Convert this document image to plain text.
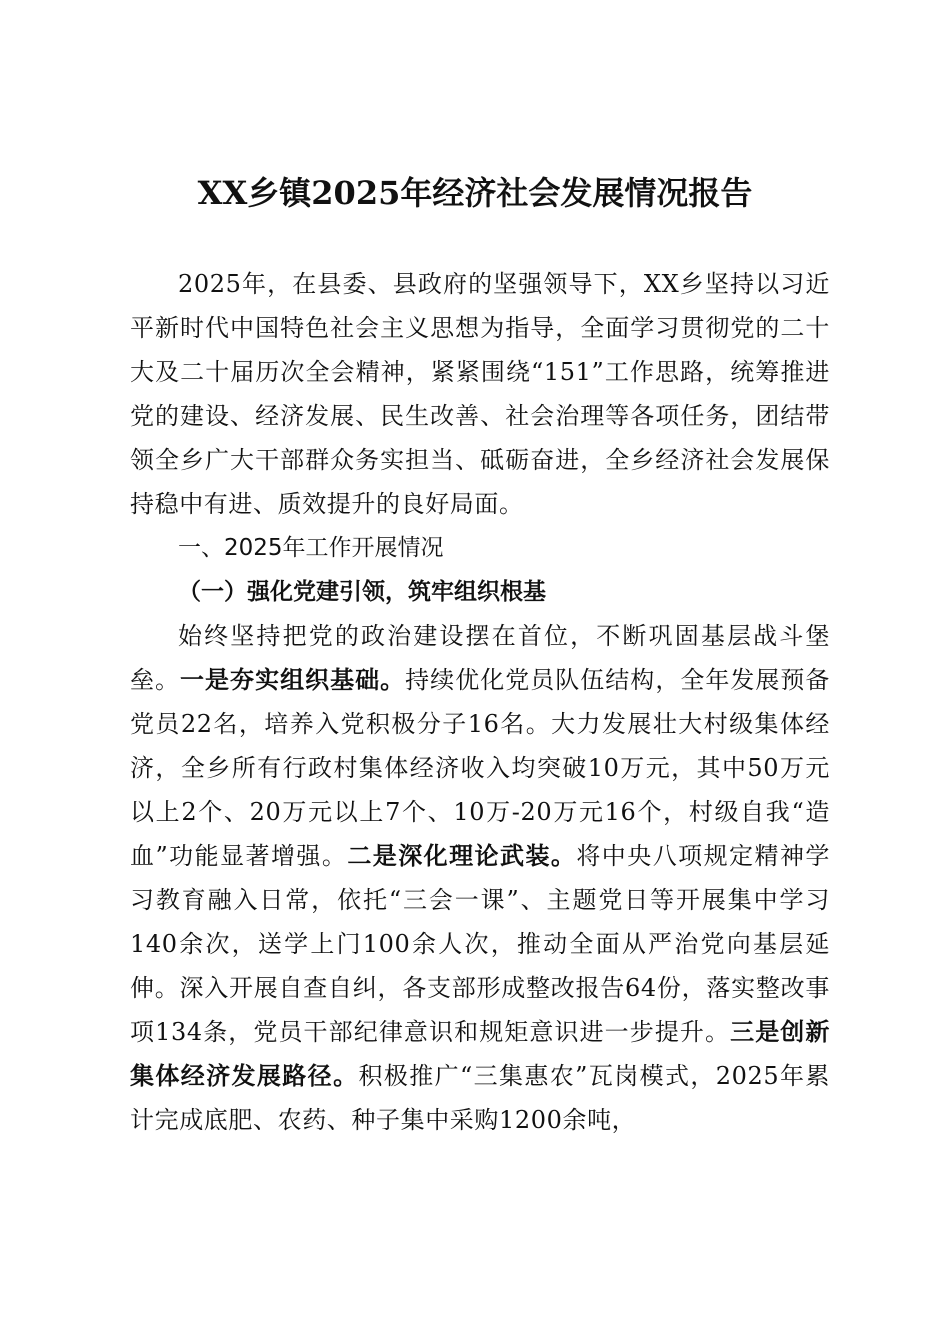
XX乡镇2025年经济社会发展情况报告

2025年，在县委、县政府的坚强领导下，XX乡坚持以习近平新时代中国特色社会主义思想为指导，全面学习贯彻党的二十大及二十届历次全会精神，紧紧围绕“151”工作思路，统筹推进党的建设、经济发展、民生改善、社会治理等各项任务，团结带领全乡广大干部群众务实担当、砥砺奋进，全乡经济社会发展保持稳中有进、质效提升的良好局面。

一、2025年工作开展情况

（一）强化党建引领，筑牢组织根基

始终坚持把党的政治建设摆在首位，不断巩固基层战斗堡垒。一是夯实组织基础。持续优化党员队伍结构，全年发展预备党员22名，培养入党积极分子16名。大力发展壮大村级集体经济，全乡所有行政村集体经济收入均突破10万元，其中50万元以上2个、20万元以上7个、10万-20万元16个，村级自我“造血”功能显著增强。二是深化理论武装。将中央八项规定精神学习教育融入日常，依托“三会一课”、主题党日等开展集中学习140余次，送学上门100余人次，推动全面从严治党向基层延伸。深入开展自查自纠，各支部形成整改报告64份，落实整改事项134条，党员干部纪律意识和规矩意识进一步提升。三是创新集体经济发展路径。积极推广“三集惠农”瓦岗模式，2025年累计完成底肥、农药、种子集中采购1200余吨，
